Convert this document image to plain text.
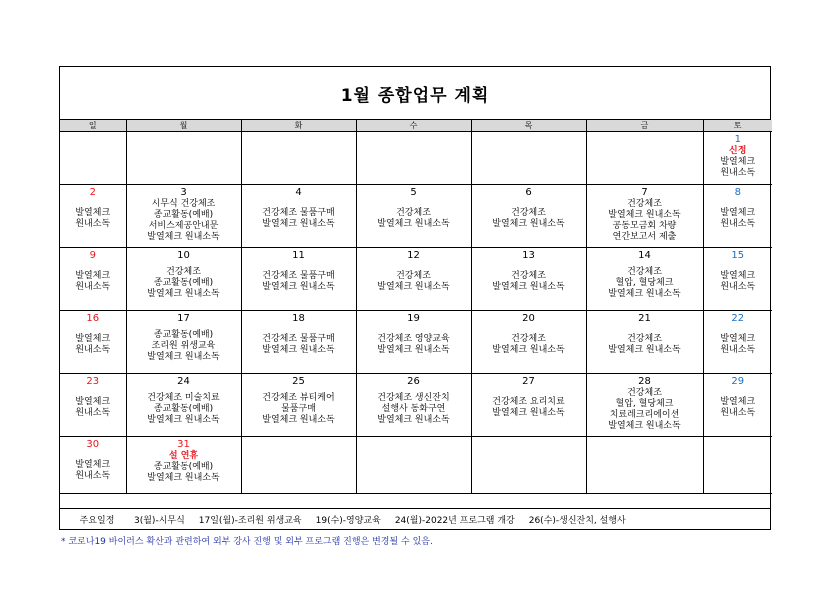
1월 종합업무 계획
일	월	화	수	목	금	토

						1
신정
발열체크
원내소독

2
발열체크
원내소독	3
시무식 건강체조
종교활동(예배)
서비스제공안내문
발열체크 원내소독	4
건강체조 물품구매
발열체크 원내소독	5
건강체조
발열체크 원내소독	6
건강체조
발열체크 원내소독	7
건강체조
발열체크 원내소독
공동모금회 차량
연간보고서 제출	8
발열체크
원내소독

9
발열체크
원내소독	10
건강체조
종교활동(예배)
발열체크 원내소독	11
건강체조 물품구매
발열체크 원내소독	12
건강체조
발열체크 원내소독	13
건강체조
발열체크 원내소독	14
건강체조
혈압, 혈당체크
발열체크 원내소독	15
발열체크
원내소독

16
발열체크
원내소독	17
종교활동(예배)
조리원 위생교육
발열체크 원내소독	18
건강체조 물품구매
발열체크 원내소독	19
건강체조 영양교육
발열체크 원내소독	20
건강체조
발열체크 원내소독	21
건강체조
발열체크 원내소독	22
발열체크
원내소독

23
발열체크
원내소독	24
건강체조 미술치료
종교활동(예배)
발열체크 원내소독	25
건강체조 뷰티케어
물품구매
발열체크 원내소독	26
건강체조 생신잔치
설행사 동화구연
발열체크 원내소독	27
건강체조 요리치료
발열체크 원내소독	28
건강체조
혈압, 혈당체크
치료레크리에이션
발열체크 원내소독	29
발열체크
원내소독

30
발열체크
원내소독	31
설 연휴
종교활동(예배)
발열체크 원내소독					

주요일정	3(월)-시무식 17일(월)-조리원 위생교육 19(수)-영양교육 24(월)-2022년 프로그램 개강 26(수)-생신잔치, 설행사
* 코로나19 바이러스 확산과 관련하여 외부 강사 진행 및 외부 프로그램 진행은 변경될 수 있음.
